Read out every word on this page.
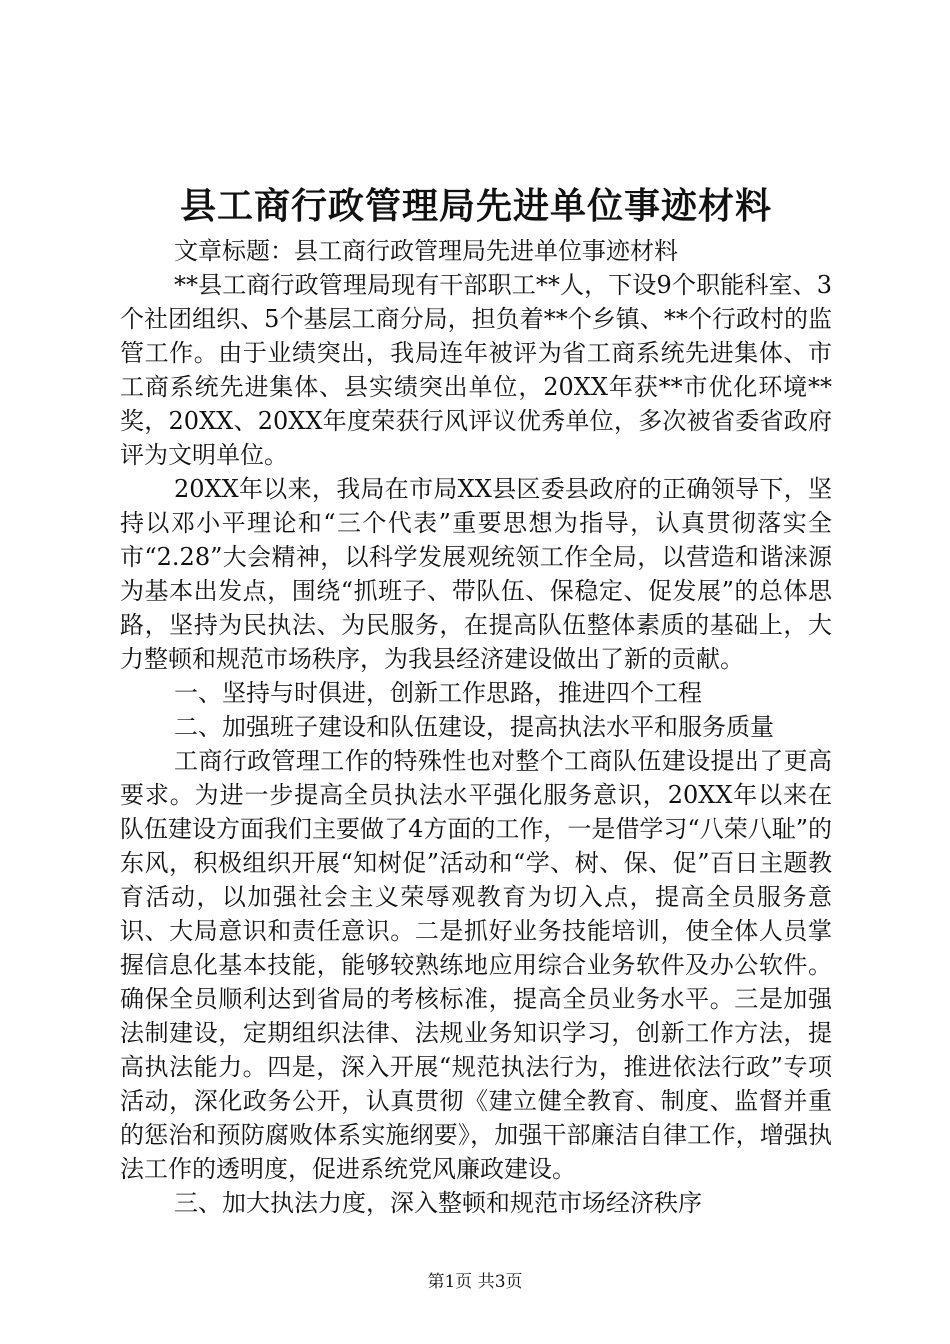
县工商行政管理局先进单位事迹材料

文章标题：县工商行政管理局先进单位事迹材料

**县工商行政管理局现有干部职工**人，下设9个职能科室、3个社团组织、5个基层工商分局，担负着**个乡镇、**个行政村的监管工作。由于业绩突出，我局连年被评为省工商系统先进集体、市工商系统先进集体、县实绩突出单位，20XX年获**市优化环境**奖，20XX、20XX年度荣获行风评议优秀单位，多次被省委省政府评为文明单位。

20XX年以来，我局在市局XX县区委县政府的正确领导下，坚持以邓小平理论和“三个代表”重要思想为指导，认真贯彻落实全市“2.28”大会精神，以科学发展观统领工作全局，以营造和谐涞源为基本出发点，围绕“抓班子、带队伍、保稳定、促发展”的总体思路，坚持为民执法、为民服务，在提高队伍整体素质的基础上，大力整顿和规范市场秩序，为我县经济建设做出了新的贡献。

一、坚持与时俱进，创新工作思路，推进四个工程

二、加强班子建设和队伍建设，提高执法水平和服务质量

工商行政管理工作的特殊性也对整个工商队伍建设提出了更高要求。为进一步提高全员执法水平强化服务意识，20XX年以来在队伍建设方面我们主要做了4方面的工作，一是借学习“八荣八耻”的东风，积极组织开展“知树促”活动和“学、树、保、促”百日主题教育活动，以加强社会主义荣辱观教育为切入点，提高全员服务意识、大局意识和责任意识。二是抓好业务技能培训，使全体人员掌握信息化基本技能，能够较熟练地应用综合业务软件及办公软件。确保全员顺利达到省局的考核标准，提高全员业务水平。三是加强法制建设，定期组织法律、法规业务知识学习，创新工作方法，提高执法能力。四是，深入开展“规范执法行为，推进依法行政”专项活动，深化政务公开，认真贯彻《建立健全教育、制度、监督并重的惩治和预防腐败体系实施纲要》，加强干部廉洁自律工作，增强执法工作的透明度，促进系统党风廉政建设。

三、加大执法力度，深入整顿和规范市场经济秩序

第1页 共3页
